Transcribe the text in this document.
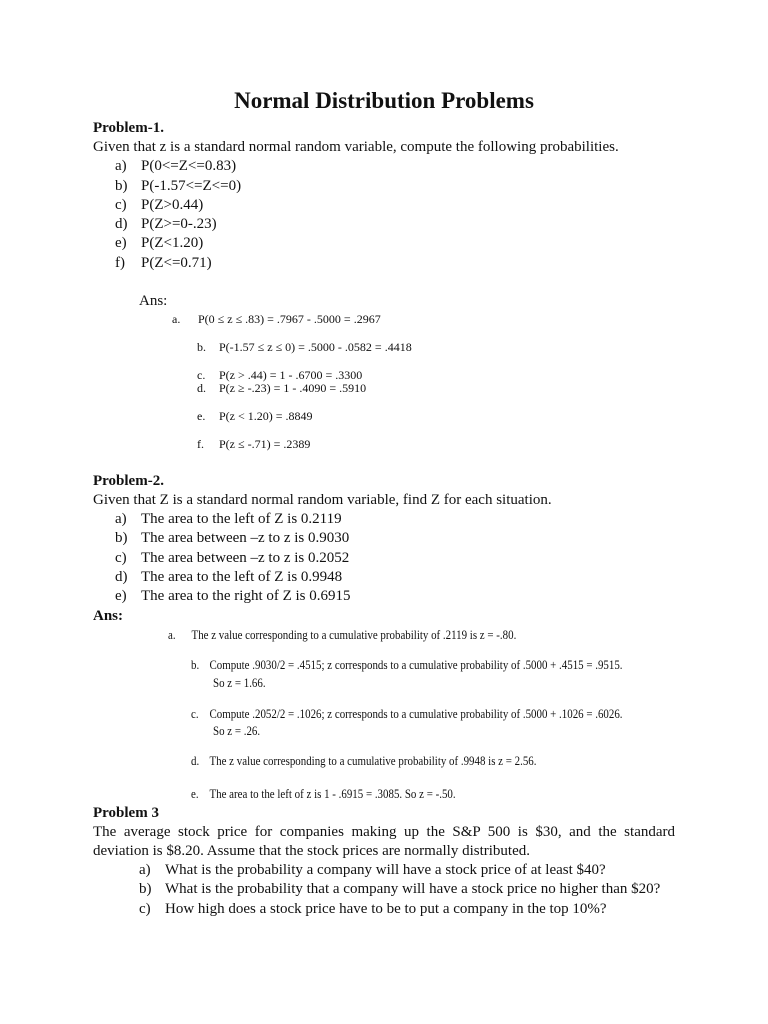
Normal Distribution Problems
Problem-1.
Given that z is a standard normal random variable, compute the following probabilities.
a) P(0<=Z<=0.83)
b) P(-1.57<=Z<=0)
c) P(Z>0.44)
d) P(Z>=0-.23)
e) P(Z<1.20)
f) P(Z<=0.71)
Ans:
a. P(0 ≤ z ≤ .83) = .7967 - .5000 = .2967
b. P(-1.57 ≤ z ≤ 0) = .5000 - .0582 = .4418
c. P(z > .44) = 1 - .6700 = .3300
d. P(z ≥ -.23) = 1 - .4090 = .5910
e. P(z < 1.20) = .8849
f. P(z ≤ -.71) = .2389
Problem-2.
Given that Z is a standard normal random variable, find Z for each situation.
a) The area to the left of Z is 0.2119
b) The area between –z to z is 0.9030
c) The area between –z to z is 0.2052
d) The area to the left of Z is 0.9948
e) The area to the right of Z is 0.6915
Ans:
a. The z value corresponding to a cumulative probability of .2119 is z = -.80.
b. Compute .9030/2 = .4515; z corresponds to a cumulative probability of .5000 + .4515 = .9515.
So z = 1.66.
c. Compute .2052/2 = .1026; z corresponds to a cumulative probability of .5000 + .1026 = .6026.
So z = .26.
d. The z value corresponding to a cumulative probability of .9948 is z = 2.56.
e. The area to the left of z is 1 - .6915 = .3085. So z = -.50.
Problem 3
The average stock price for companies making up the S&P 500 is $30, and the standard
deviation is $8.20. Assume that the stock prices are normally distributed.
a) What is the probability a company will have a stock price of at least $40?
b) What is the probability that a company will have a stock price no higher than $20?
c) How high does a stock price have to be to put a company in the top 10%?
